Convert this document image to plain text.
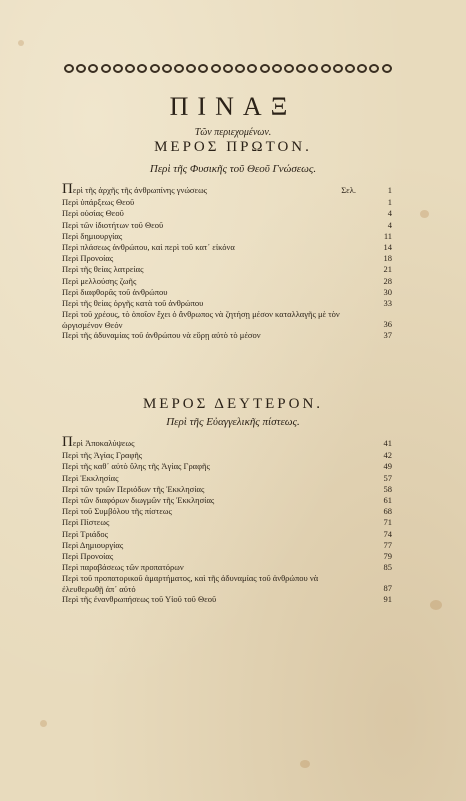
ΠΙΝΑΞ
Τῶν περιεχομένων.
ΜΕΡΟΣ ΠΡΩΤΟΝ.
Περὶ τῆς Φυσικῆς τοῦ Θεοῦ Γνώσεως.
Περὶ τῆς ἀρχῆς τῆς ἀνθρωπίνης γνώσεως	Σελ.	1
Περὶ ὑπάρξεως Θεοῦ	1
Περὶ οὐσίας Θεοῦ	4
Περὶ τῶν ἰδιοτήτων τοῦ Θεοῦ	4
Περὶ δημιουργίας	11
Περὶ πλάσεως ἀνθρώπου, καὶ περὶ τοῦ κατ᾽ εἰκόνα	14
Περὶ Προνοίας	18
Περὶ τῆς θείας λατρείας	21
Περὶ μελλούσης ζωῆς	28
Περὶ διαφθορᾶς τοῦ ἀνθρώπου	30
Περὶ τῆς θείας ὀργῆς κατὰ τοῦ ἀνθρώπου	33
Περὶ τοῦ χρέους, τὸ ὁποῖον ἔχει ὁ ἄνθρωπος νὰ ζητήσῃ μέσον καταλλαγῆς μὲ τὸν ὠργισμένον Θεόν	36
Περὶ τῆς ἀδυναμίας τοῦ ἀνθρώπου νὰ εὕρῃ αὐτὸ τὸ μέσον	37
ΜΕΡΟΣ ΔΕΥΤΕΡΟΝ.
Περὶ τῆς Εὐαγγελικῆς πίστεως.
Περὶ Ἀποκαλύψεως	41
Περὶ τῆς Ἁγίας Γραφῆς	42
Περὶ τῆς καθ᾽ αὐτὸ ὕλης τῆς Ἁγίας Γραφῆς	49
Περὶ Ἐκκλησίας	57
Περὶ τῶν τριῶν Περιόδων τῆς Ἐκκλησίας	58
Περὶ τῶν διαφόρων διωγμῶν τῆς Ἐκκλησίας	61
Περὶ τοῦ Συμβόλου τῆς πίστεως	68
Περὶ Πίστεως	71
Περὶ Τριάδος	74
Περὶ Δημιουργίας	77
Περὶ Προνοίας	79
Περὶ παραβάσεως τῶν προπατόρων	85
Περὶ τοῦ προπατορικοῦ ἁμαρτήματος, καὶ τῆς ἀδυναμίας τοῦ ἀνθρώπου νὰ ἐλευθερωθῇ ἀπ᾽ αὐτό	87
Περὶ τῆς ἐνανθρωπήσεως τοῦ Υἱοῦ τοῦ Θεοῦ	91
